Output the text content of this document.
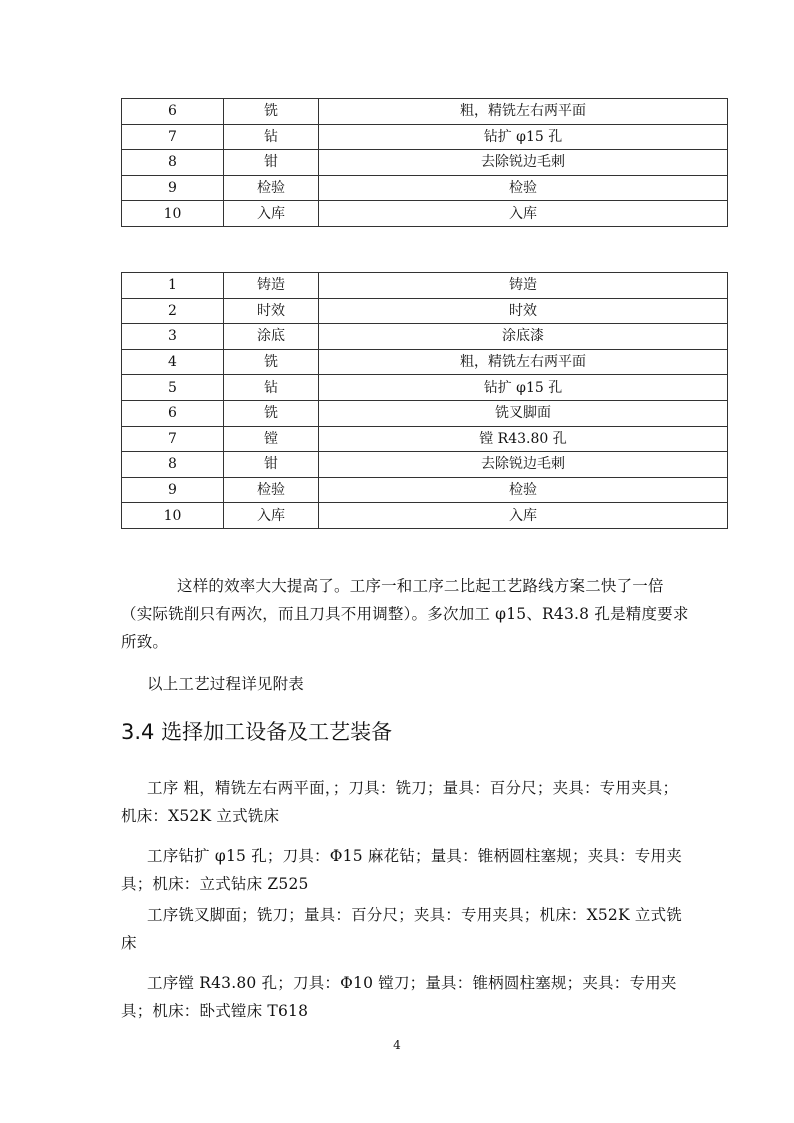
6	铣	粗，精铣左右两平面
7	钻	钻扩 φ15 孔
8	钳	去除锐边毛刺
9	检验	检验
10	入库	入库
1	铸造	铸造
2	时效	时效
3	涂底	涂底漆
4	铣	粗，精铣左右两平面
5	钻	钻扩 φ15 孔
6	铣	铣叉脚面
7	镗	镗 R43.80 孔
8	钳	去除锐边毛刺
9	检验	检验
10	入库	入库

这样的效率大大提高了。工序一和工序二比起工艺路线方案二快了一倍（实际铣削只有两次，而且刀具不用调整）。多次加工 φ15、R43.8 孔是精度要求所致。

以上工艺过程详见附表

3.4 选择加工设备及工艺装备

工序 粗，精铣左右两平面，；刀具：铣刀；量具：百分尺；夹具：专用夹具；机床：X52K 立式铣床

工序钻扩 φ15 孔；刀具：Φ15 麻花钻；量具：锥柄圆柱塞规；夹具：专用夹具；机床：立式钻床 Z525

工序铣叉脚面；铣刀；量具：百分尺；夹具：专用夹具；机床：X52K 立式铣床

工序镗 R43.80 孔；刀具：Φ10 镗刀；量具：锥柄圆柱塞规；夹具：专用夹具；机床：卧式镗床 T618

4
